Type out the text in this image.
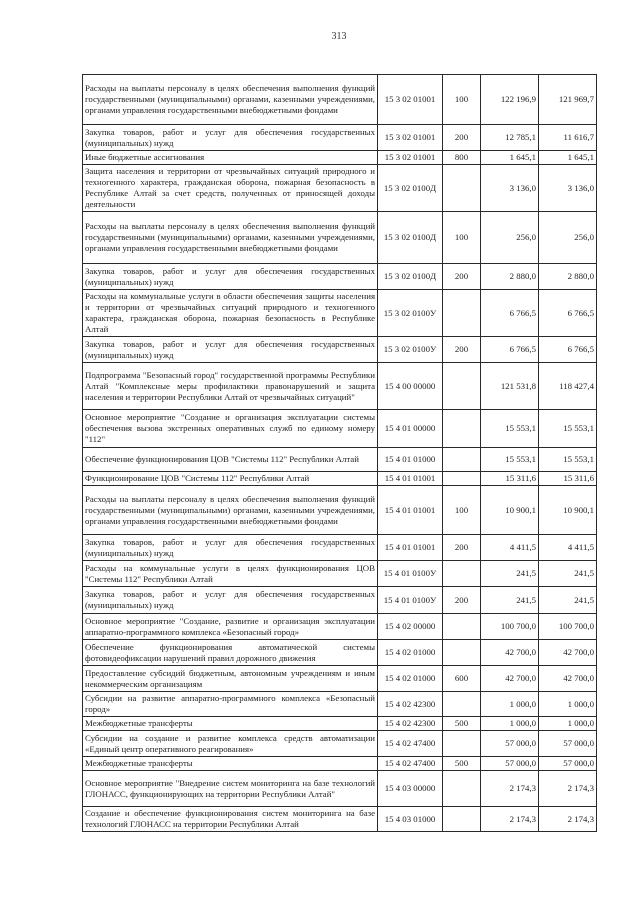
313
Расходы на выплаты персоналу в целях обеспечения выполнения функций государственными (муниципальными) органами, казенными учреждениями, органами управления государственными внебюджетными фондами	15 3 02 01001	100	122 196,9	121 969,7
Закупка товаров, работ и услуг для обеспечения государственных (муниципальных) нужд	15 3 02 01001	200	12 785,1	11 616,7
Иные бюджетные ассигнования	15 3 02 01001	800	1 645,1	1 645,1
Защита населения и территории от чрезвычайных ситуаций природного и техногенного характера, гражданская оборона, пожарная безопасность в Республике Алтай за счет средств, полученных от приносящей доходы деятельности	15 3 02 0100Д		3 136,0	3 136,0
Расходы на выплаты персоналу в целях обеспечения выполнения функций государственными (муниципальными) органами, казенными учреждениями, органами управления государственными внебюджетными фондами	15 3 02 0100Д	100	256,0	256,0
Закупка товаров, работ и услуг для обеспечения государственных (муниципальных) нужд	15 3 02 0100Д	200	2 880,0	2 880,0
Расходы на коммунальные услуги в области обеспечения защиты населения и территории от чрезвычайных ситуаций природного и техногенного характера, гражданская оборона, пожарная безопасность в Республике Алтай	15 3 02 0100У		6 766,5	6 766,5
Закупка товаров, работ и услуг для обеспечения государственных (муниципальных) нужд	15 3 02 0100У	200	6 766,5	6 766,5
Подпрограмма "Безопасный город" государственной программы Республики Алтай "Комплексные меры профилактики правонарушений и защита населения и территории Республики Алтай от чрезвычайных ситуаций"	15 4 00 00000		121 531,8	118 427,4
Основное мероприятие "Создание и организация эксплуатации системы обеспечения вызова экстренных оперативных служб по единому номеру "112"	15 4 01 00000		15 553,1	15 553,1
Обеспечение функционирования ЦОВ "Системы 112" Республики Алтай	15 4 01 01000		15 553,1	15 553,1
Функционирование ЦОВ "Системы 112" Республики Алтай	15 4 01 01001		15 311,6	15 311,6
Расходы на выплаты персоналу в целях обеспечения выполнения функций государственными (муниципальными) органами, казенными учреждениями, органами управления государственными внебюджетными фондами	15 4 01 01001	100	10 900,1	10 900,1
Закупка товаров, работ и услуг для обеспечения государственных (муниципальных) нужд	15 4 01 01001	200	4 411,5	4 411,5
Расходы на коммунальные услуги в целях функционирования ЦОВ "Системы 112" Республики Алтай	15 4 01 0100У		241,5	241,5
Закупка товаров, работ и услуг для обеспечения государственных (муниципальных) нужд	15 4 01 0100У	200	241,5	241,5
Основное мероприятие "Создание, развитие и организация эксплуатации аппаратно-программного комплекса «Безопасный город»	15 4 02 00000		100 700,0	100 700,0
Обеспечение функционирования автоматической системы фотовидеофиксации нарушений правил дорожного движения	15 4 02 01000		42 700,0	42 700,0
Предоставление субсидий бюджетным, автономным учреждениям и иным некоммерческим организациям	15 4 02 01000	600	42 700,0	42 700,0
Субсидии на развитие аппаратно-программного комплекса «Безопасный город»	15 4 02 42300		1 000,0	1 000,0
Межбюджетные трансферты	15 4 02 42300	500	1 000,0	1 000,0
Субсидии на создание и развитие комплекса средств автоматизации «Единый центр оперативного реагирования»	15 4 02 47400		57 000,0	57 000,0
Межбюджетные трансферты	15 4 02 47400	500	57 000,0	57 000,0
Основное мероприятие "Внедрение систем мониторинга на базе технологий ГЛОНАСС, функционирующих на территории Республики Алтай"	15 4 03 00000		2 174,3	2 174,3
Создание и обеспечение функционирования систем мониторинга на базе технологий ГЛОНАСС на территории Республики Алтай	15 4 03 01000		2 174,3	2 174,3
